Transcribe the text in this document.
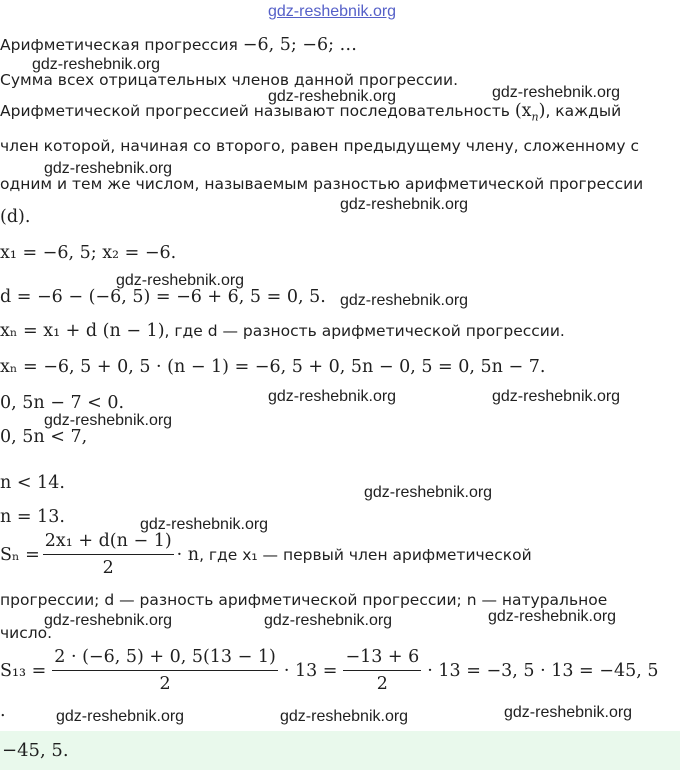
gdz-reshebnik.org
gdz-reshebnik.org
gdz-reshebnik.org
gdz-reshebnik.org
gdz-reshebnik.org
gdz-reshebnik.org
gdz-reshebnik.org
gdz-reshebnik.org
gdz-reshebnik.org	gdz-reshebnik.org
gdz-reshebnik.org
gdz-reshebnik.org
gdz-reshebnik.org
gdz-reshebnik.org	gdz-reshebnik.org	gdz-reshebnik.org
gdz-reshebnik.org	gdz-reshebnik.org	gdz-reshebnik.org
Арифметическая прогрессия −6, 5; −6; …
Сумма всех отрицательных членов данной прогрессии.
Арифметической прогрессией называют последовательность $(x_n)$, каждый
член которой, начиная со второго, равен предыдущему члену, сложенному с
одним и тем же числом, называемым разностью арифметической прогрессии
(d).
x₁ = −6, 5; x₂ = −6.
d = −6 − (−6, 5) = −6 + 6, 5 = 0, 5.
xₙ = x₁ + d (n − 1), где d — разность арифметической прогрессии.
xₙ = −6, 5 + 0, 5 · (n − 1) = −6, 5 + 0, 5n − 0, 5 = 0, 5n − 7.
0, 5n − 7 < 0.
0, 5n < 7,
n < 14.
n = 13.
$S_n = \frac{\text{2x₁ + d(n − 1)}}{2} \cdot n$ , где x₁ — первый член арифметической
прогрессии; d — разность арифметической прогрессии; n — натуральное
число.
$S_{13} = \frac{2 \cdot (-6, 5) + 0, 5(13 - 1)}{2} \cdot 13 = \frac{-13 + 6}{2} \cdot 13 = -3$, 5 · 13 = −45, 5
.
−45, 5.
